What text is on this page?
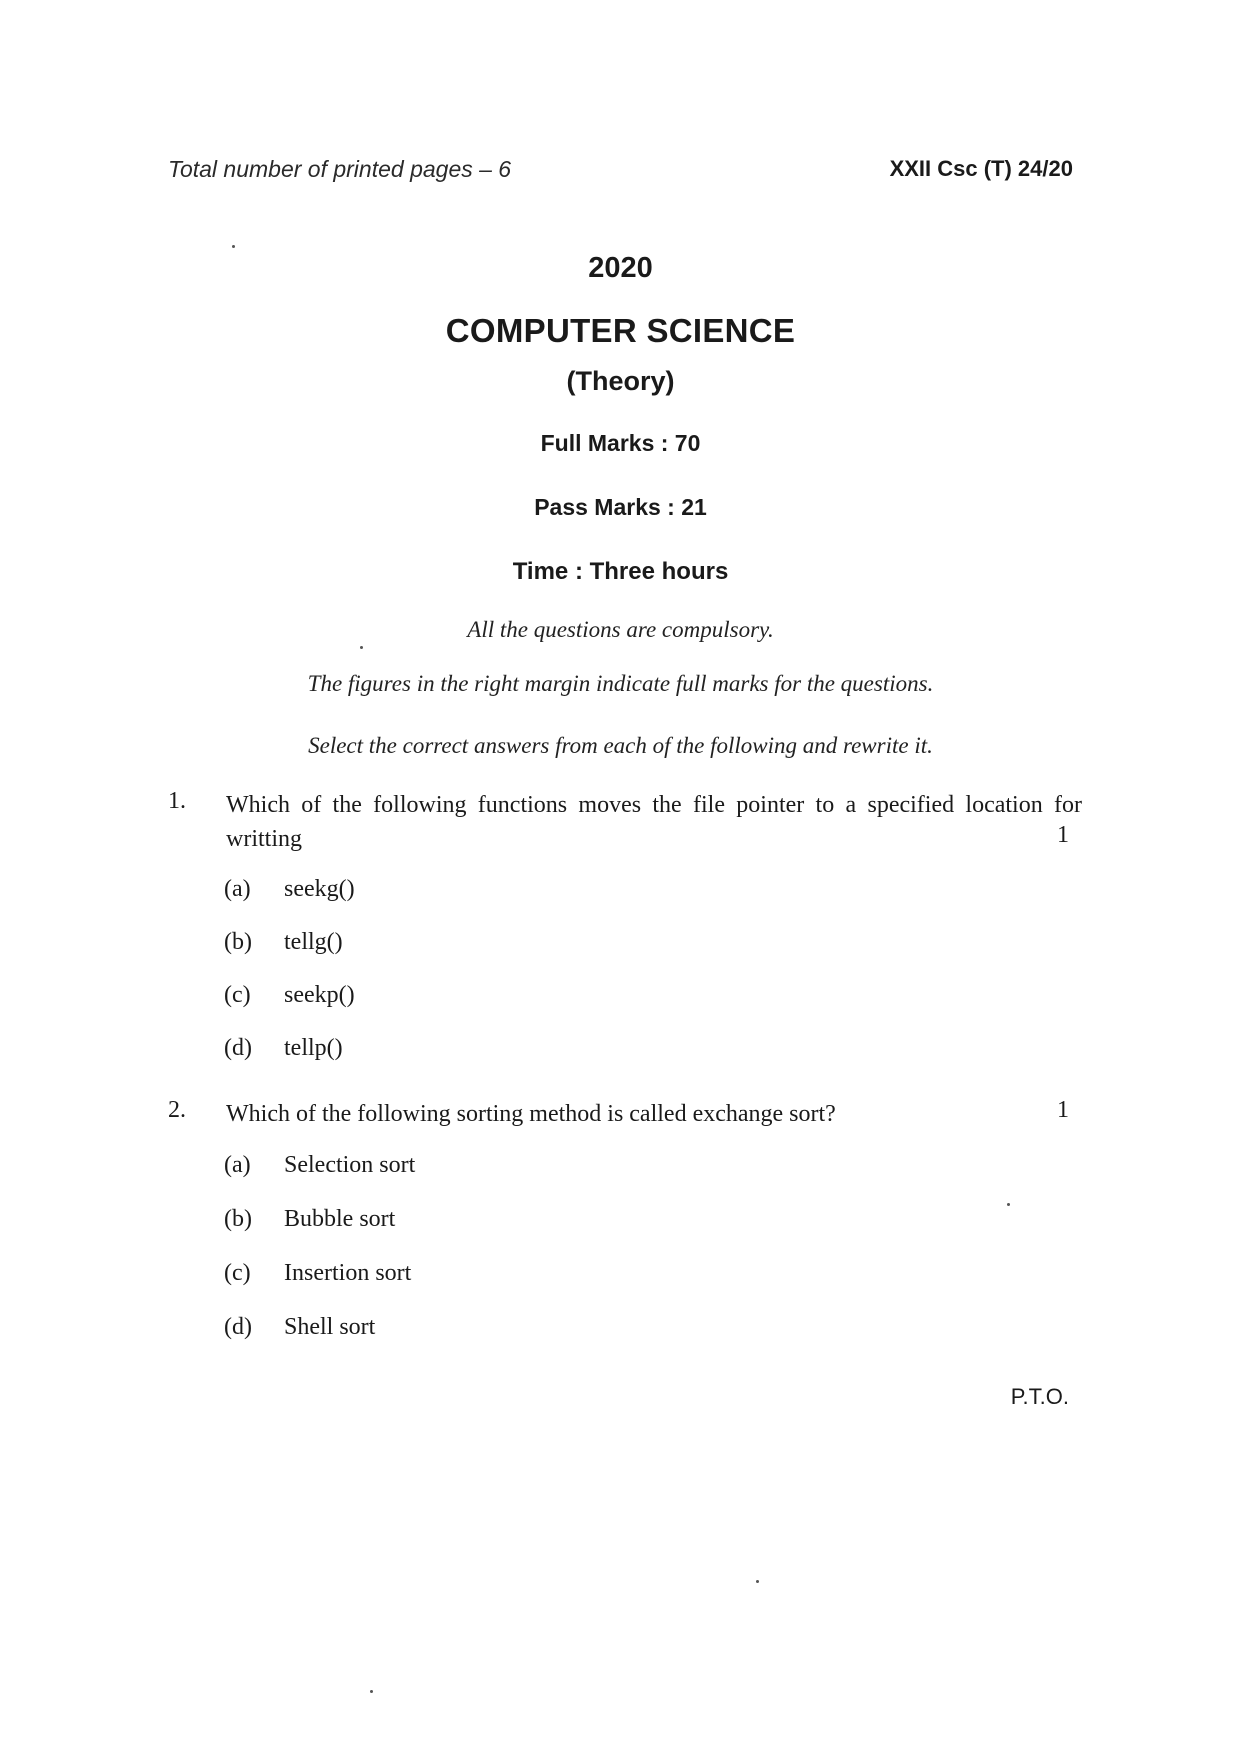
Total number of printed pages – 6	XXII Csc (T) 24/20
2020
COMPUTER SCIENCE
(Theory)
Full Marks : 70
Pass Marks : 21
Time : Three hours
All the questions are compulsory.
The figures in the right margin indicate full marks for the questions.
Select the correct answers from each of the following and rewrite it.
1. Which of the following functions moves the file pointer to a specified location for writting	1
(a) seekg()
(b) tellg()
(c) seekp()
(d) tellp()
2. Which of the following sorting method is called exchange sort?	1
(a) Selection sort
(b) Bubble sort
(c) Insertion sort
(d) Shell sort
P.T.O.
